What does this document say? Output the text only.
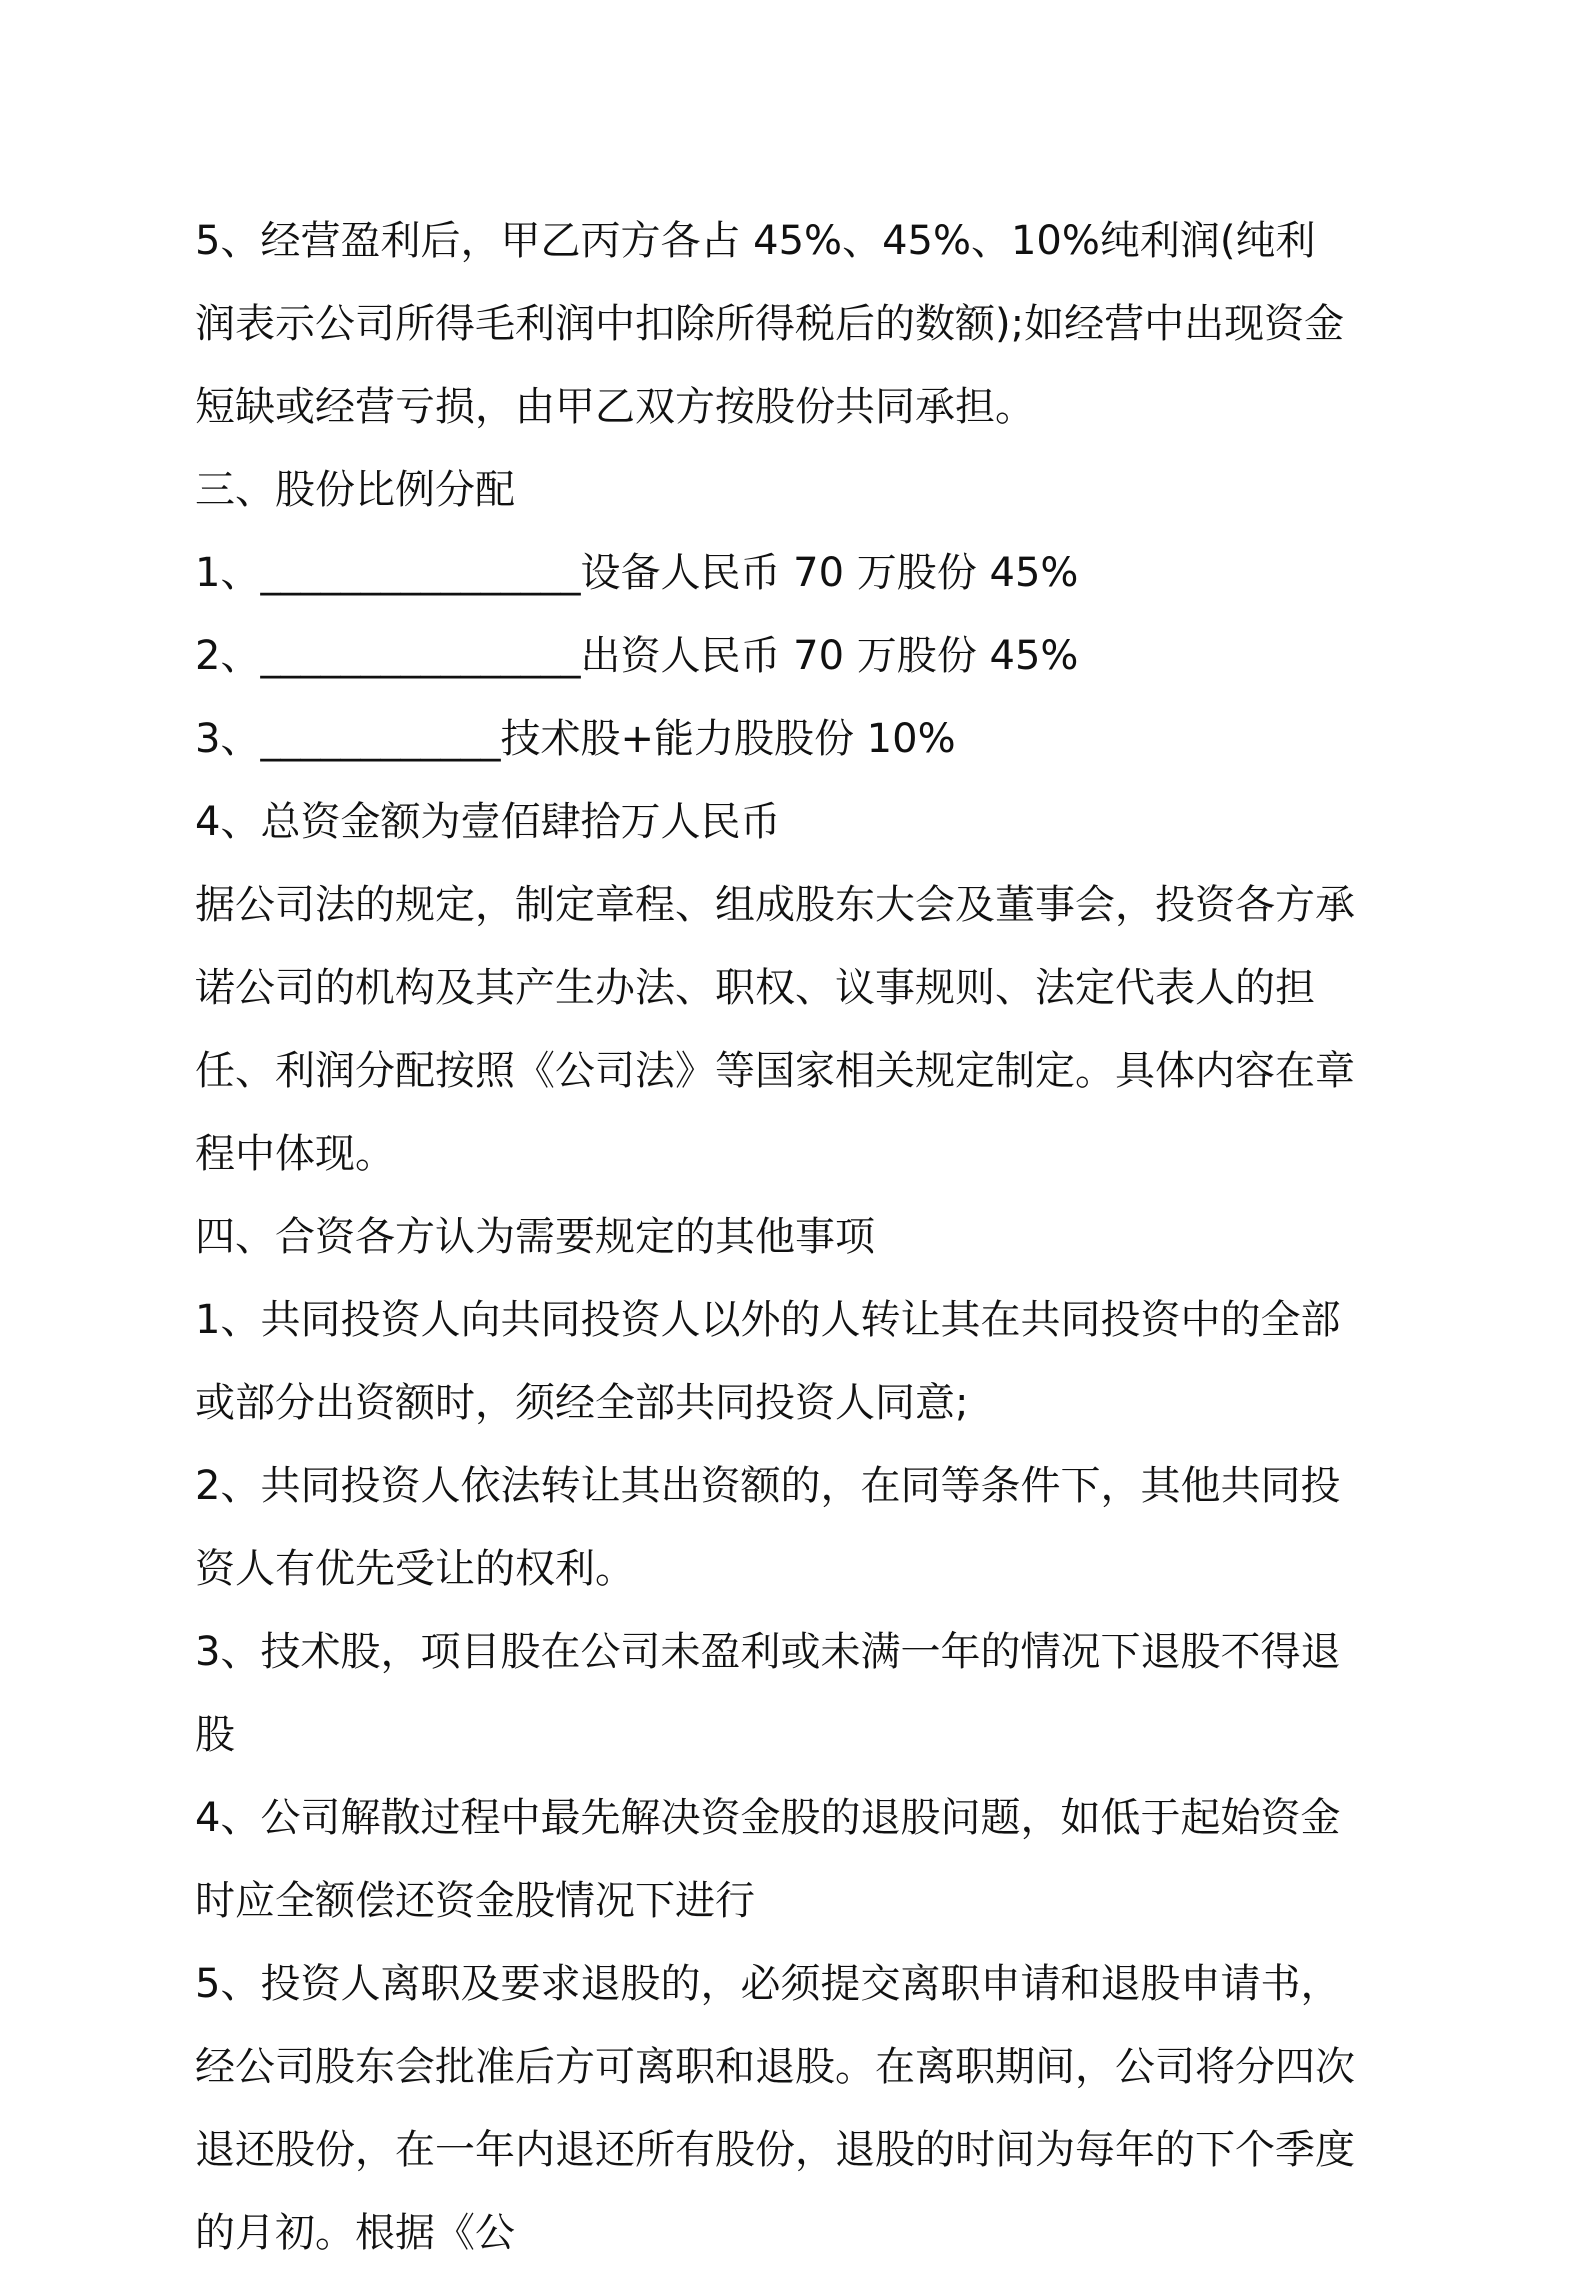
5、经营盈利后，甲乙丙方各占 45%、45%、10%纯利润(纯利润表示公司所得毛利润中扣除所得税后的数额);如经营中出现资金短缺或经营亏损，由甲乙双方按股份共同承担。

三、股份比例分配

1、________________设备人民币 70 万股份 45%

2、________________出资人民币 70 万股份 45%

3、____________技术股+能力股股份 10%

4、总资金额为壹佰肆拾万人民币

据公司法的规定，制定章程、组成股东大会及董事会，投资各方承诺公司的机构及其产生办法、职权、议事规则、法定代表人的担任、利润分配按照《公司法》等国家相关规定制定。具体内容在章程中体现。

四、合资各方认为需要规定的其他事项

1、共同投资人向共同投资人以外的人转让其在共同投资中的全部或部分出资额时，须经全部共同投资人同意;

2、共同投资人依法转让其出资额的，在同等条件下，其他共同投资人有优先受让的权利。

3、技术股，项目股在公司未盈利或未满一年的情况下退股不得退股

4、公司解散过程中最先解决资金股的退股问题，如低于起始资金时应全额偿还资金股情况下进行

5、投资人离职及要求退股的，必须提交离职申请和退股申请书，经公司股东会批准后方可离职和退股。在离职期间，公司将分四次退还股份，在一年内退还所有股份，退股的时间为每年的下个季度的月初。根据《公
